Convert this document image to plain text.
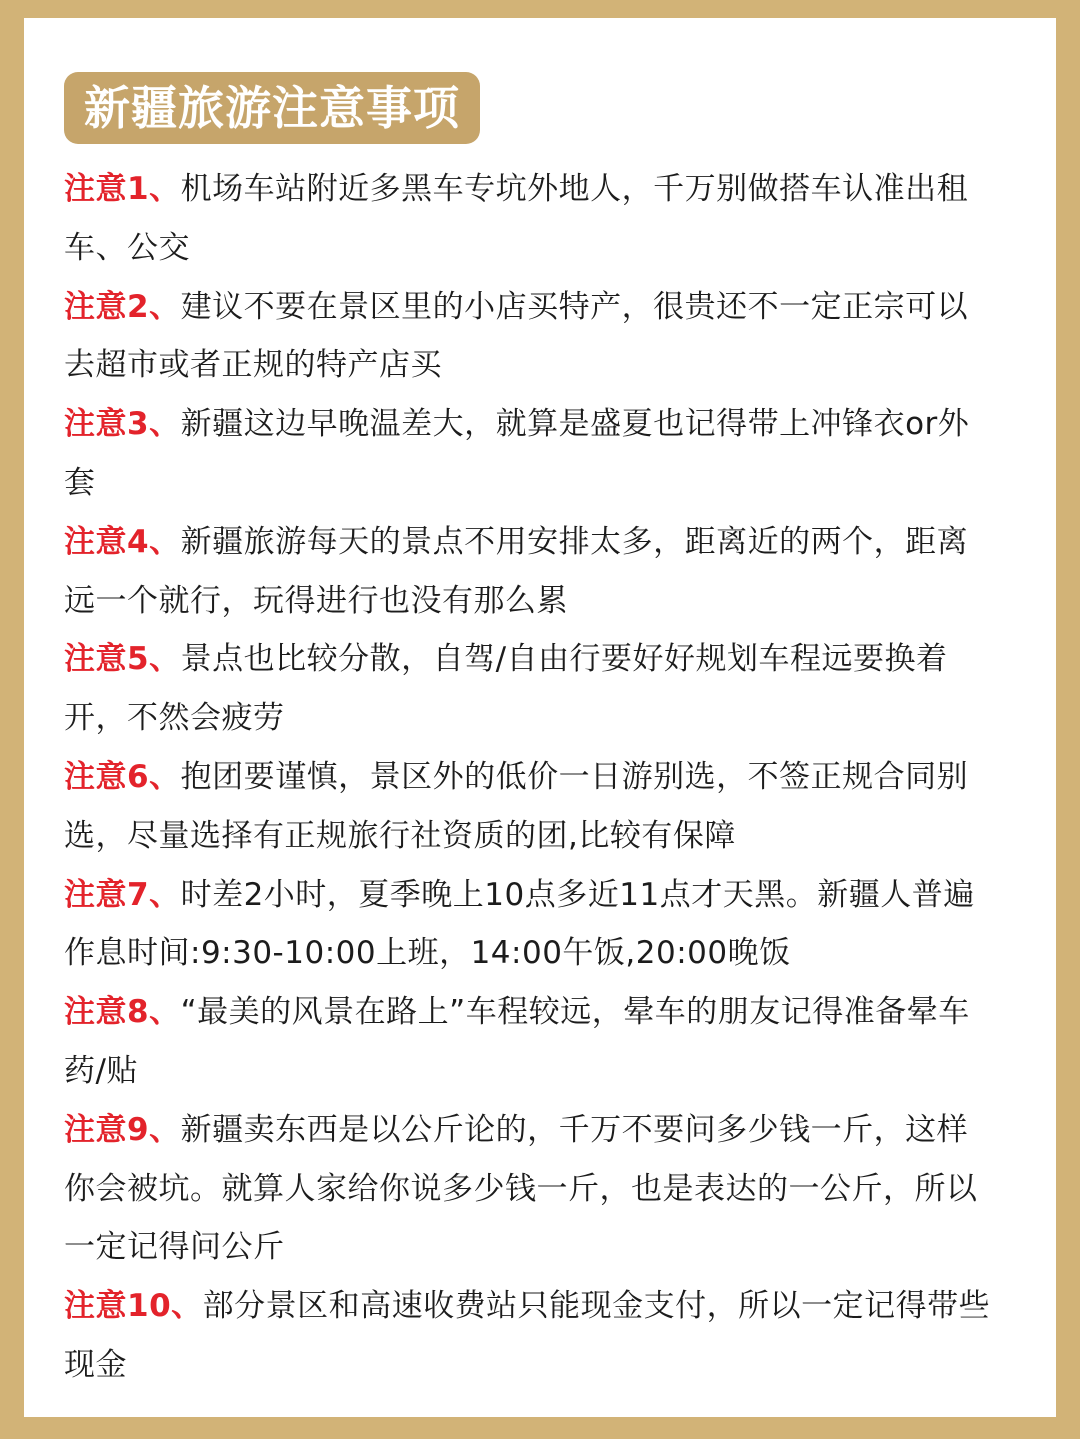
新疆旅游注意事项
注意1、机场车站附近多黑车专坑外地人，千万别做搭车认准出租车、公交
注意2、建议不要在景区里的小店买特产，很贵还不一定正宗可以去超市或者正规的特产店买
注意3、新疆这边早晚温差大，就算是盛夏也记得带上冲锋衣or外套
注意4、新疆旅游每天的景点不用安排太多，距离近的两个，距离远一个就行，玩得进行也没有那么累
注意5、景点也比较分散，自驾/自由行要好好规划车程远要换着开，不然会疲劳
注意6、抱团要谨慎，景区外的低价一日游别选，不签正规合同别选，尽量选择有正规旅行社资质的团,比较有保障
注意7、时差2小时，夏季晚上10点多近11点才天黑。新疆人普遍作息时间:9:30-10:00上班，14:00午饭,20:00晚饭
注意8、“最美的风景在路上”车程较远，晕车的朋友记得准备晕车药/贴
注意9、新疆卖东西是以公斤论的，千万不要问多少钱一斤，这样你会被坑。就算人家给你说多少钱一斤，也是表达的一公斤，所以一定记得问公斤
注意10、部分景区和高速收费站只能现金支付，所以一定记得带些现金
